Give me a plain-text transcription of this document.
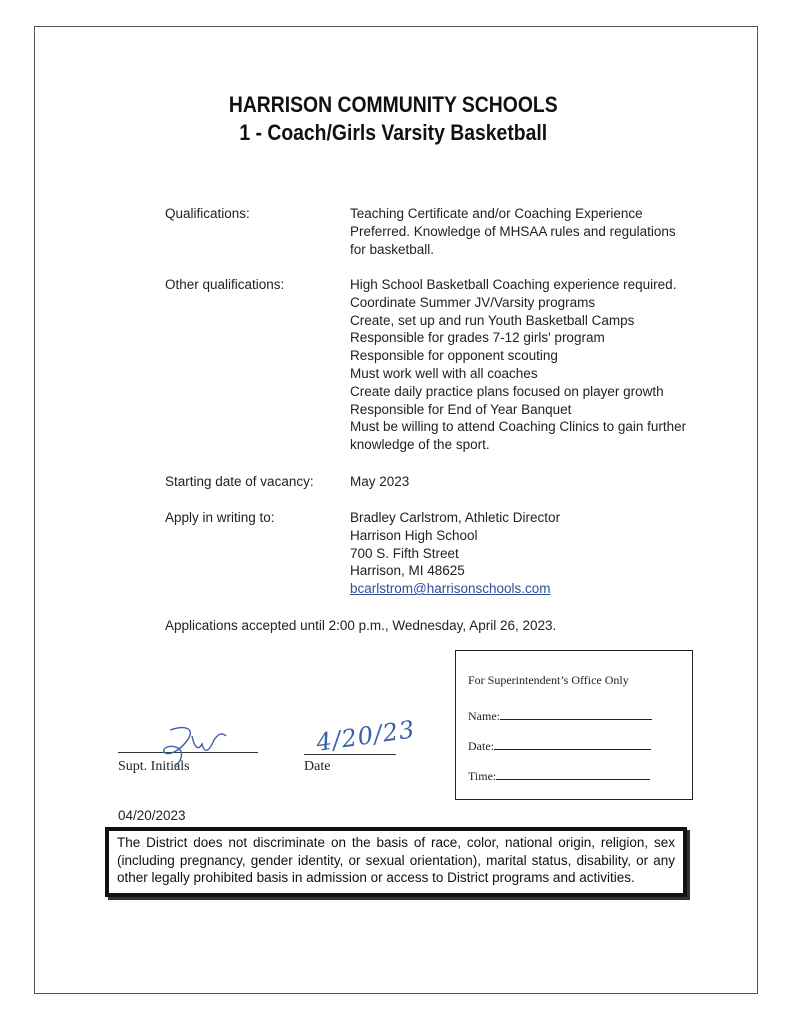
HARRISON COMMUNITY SCHOOLS
1 - Coach/Girls Varsity Basketball
Qualifications:	Teaching Certificate and/or Coaching Experience
Preferred. Knowledge of MHSAA rules and regulations
for basketball.
Other qualifications:	High School Basketball Coaching experience required.
Coordinate Summer JV/Varsity programs
Create, set up and run Youth Basketball Camps
Responsible for grades 7-12 girls' program
Responsible for opponent scouting
Must work well with all coaches
Create daily practice plans focused on player growth
Responsible for End of Year Banquet
Must be willing to attend Coaching Clinics to gain further
knowledge of the sport.
Starting date of vacancy:	May 2023
Apply in writing to:	Bradley Carlstrom, Athletic Director
Harrison High School
700 S. Fifth Street
Harrison, MI 48625
bcarlstrom@harrisonschools.com
Applications accepted until 2:00 p.m., Wednesday, April 26, 2023.
For Superintendent’s Office Only
Name:
Date:
Time:
Supt. Initials
4/20/23
Date
04/20/2023
The District does not discriminate on the basis of race, color, national origin, religion, sex (including pregnancy, gender identity, or sexual orientation), marital status, disability, or any other legally prohibited basis in admission or access to District programs and activities.
